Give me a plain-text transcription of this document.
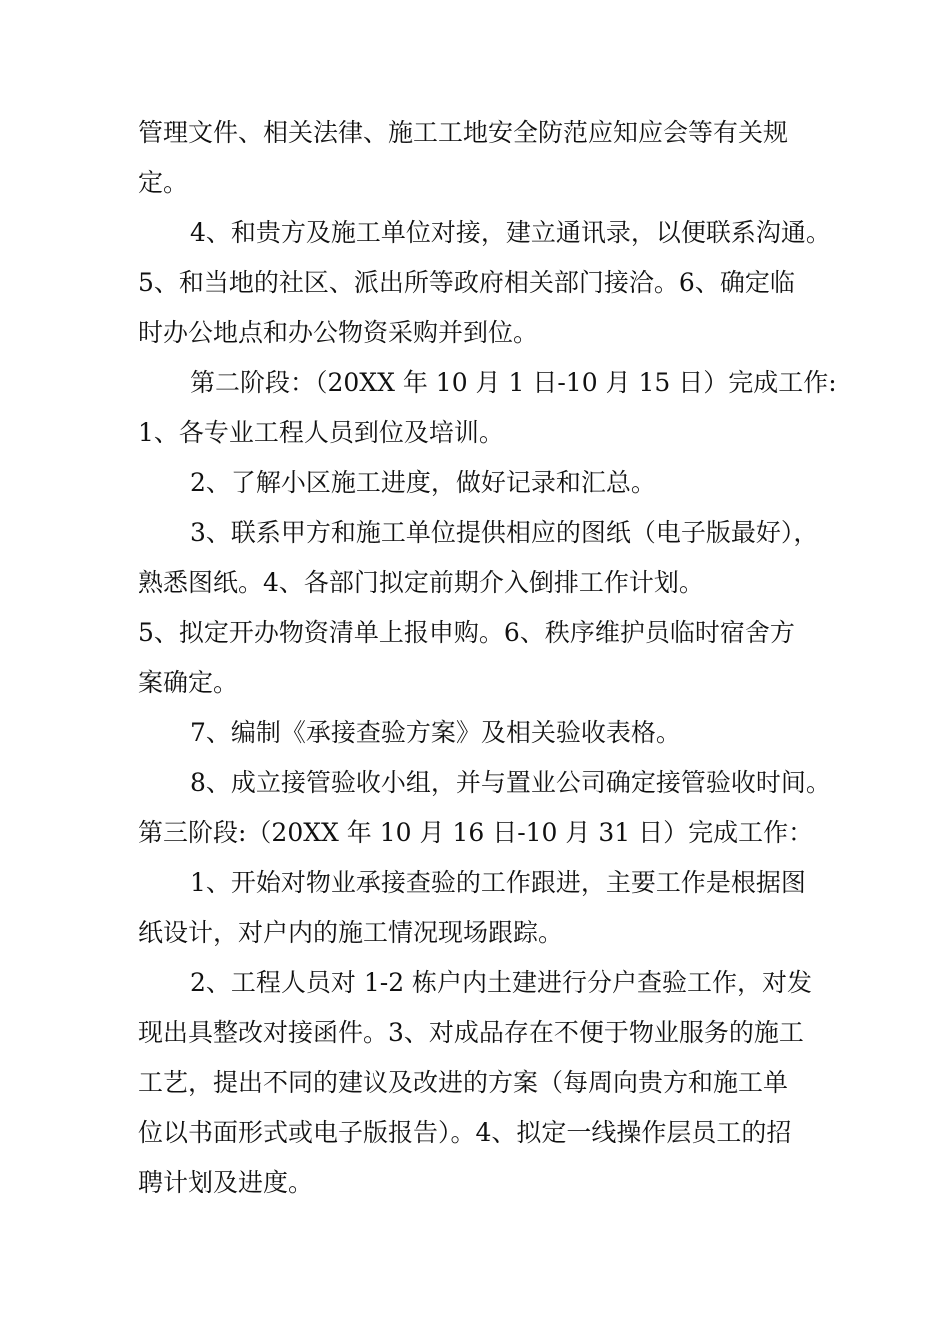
管理文件、相关法律、施工工地安全防范应知应会等有关规
定。
4、和贵方及施工单位对接，建立通讯录，以便联系沟通。
5、和当地的社区、派出所等政府相关部门接洽。6、确定临
时办公地点和办公物资采购并到位。
第二阶段：（20XX 年 10 月 1 日-10 月 15 日）完成工作:
1、各专业工程人员到位及培训。
2、了解小区施工进度，做好记录和汇总。
3、联系甲方和施工单位提供相应的图纸（电子版最好），
熟悉图纸。4、各部门拟定前期介入倒排工作计划。
5、拟定开办物资清单上报申购。6、秩序维护员临时宿舍方
案确定。
7、编制《承接查验方案》及相关验收表格。
8、成立接管验收小组，并与置业公司确定接管验收时间。
第三阶段:（20XX 年 10 月 16 日-10 月 31 日）完成工作：
1、开始对物业承接查验的工作跟进，主要工作是根据图
纸设计，对户内的施工情况现场跟踪。
2、工程人员对 1-2 栋户内土建进行分户查验工作，对发
现出具整改对接函件。3、对成品存在不便于物业服务的施工
工艺，提出不同的建议及改进的方案（每周向贵方和施工单
位以书面形式或电子版报告）。4、拟定一线操作层员工的招
聘计划及进度。
